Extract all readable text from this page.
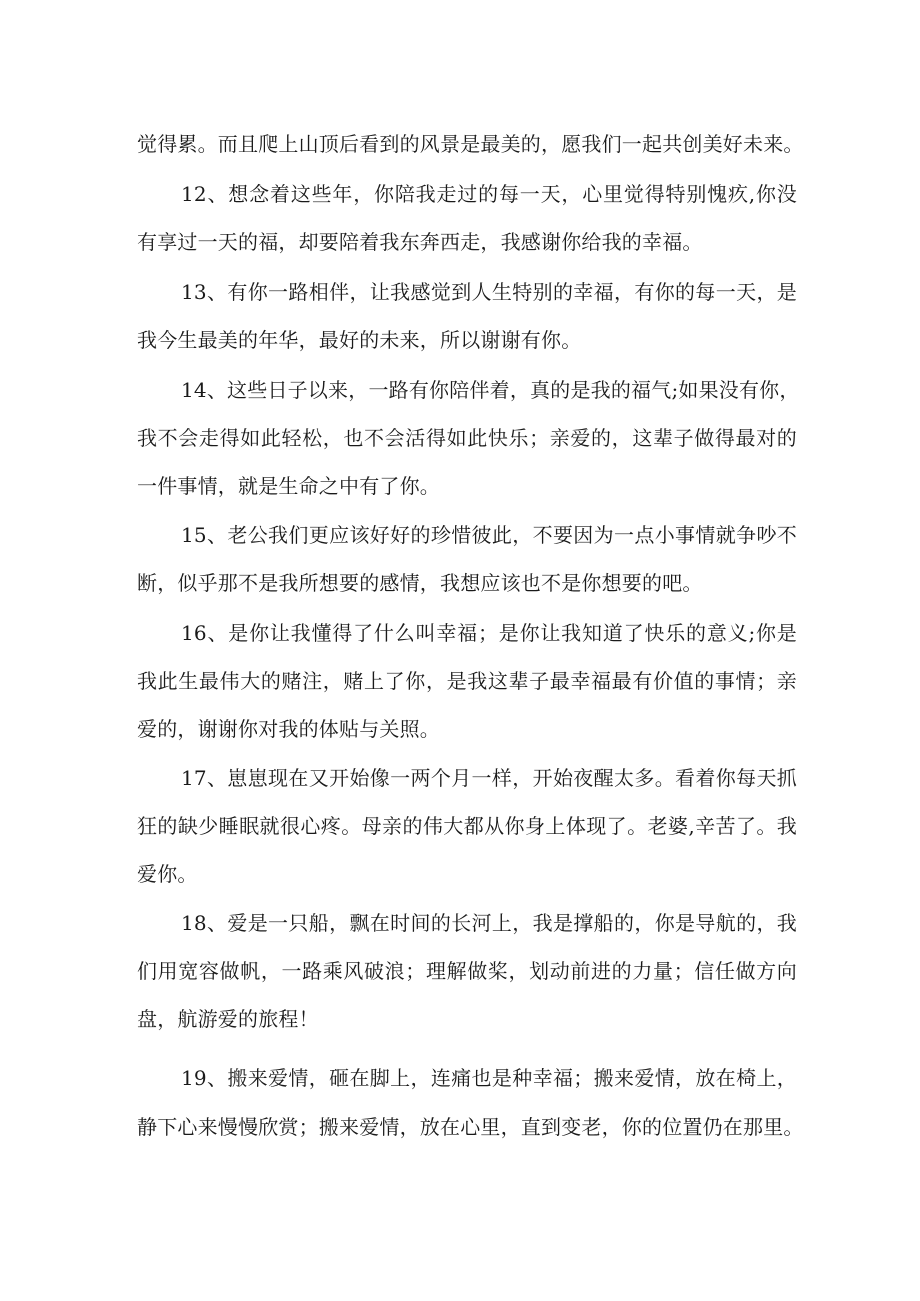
觉得累。而且爬上山顶后看到的风景是最美的，愿我们一起共创美好未来。
12、想念着这些年，你陪我走过的每一天，心里觉得特别愧疚,你没
有享过一天的福，却要陪着我东奔西走，我感谢你给我的幸福。
13、有你一路相伴，让我感觉到人生特别的幸福，有你的每一天，是
我今生最美的年华，最好的未来，所以谢谢有你。
14、这些日子以来，一路有你陪伴着，真的是我的福气;如果没有你，
我不会走得如此轻松，也不会活得如此快乐；亲爱的，这辈子做得最对的
一件事情，就是生命之中有了你。
15、老公我们更应该好好的珍惜彼此，不要因为一点小事情就争吵不
断，似乎那不是我所想要的感情，我想应该也不是你想要的吧。
16、是你让我懂得了什么叫幸福；是你让我知道了快乐的意义;你是
我此生最伟大的赌注，赌上了你，是我这辈子最幸福最有价值的事情；亲
爱的，谢谢你对我的体贴与关照。
17、崽崽现在又开始像一两个月一样，开始夜醒太多。看着你每天抓
狂的缺少睡眠就很心疼。母亲的伟大都从你身上体现了。老婆,辛苦了。我
爱你。
18、爱是一只船，飘在时间的长河上，我是撑船的，你是导航的，我
们用宽容做帆，一路乘风破浪；理解做桨，划动前进的力量；信任做方向
盘，航游爱的旅程！
19、搬来爱情，砸在脚上，连痛也是种幸福；搬来爱情，放在椅上，
静下心来慢慢欣赏；搬来爱情，放在心里，直到变老，你的位置仍在那里。
